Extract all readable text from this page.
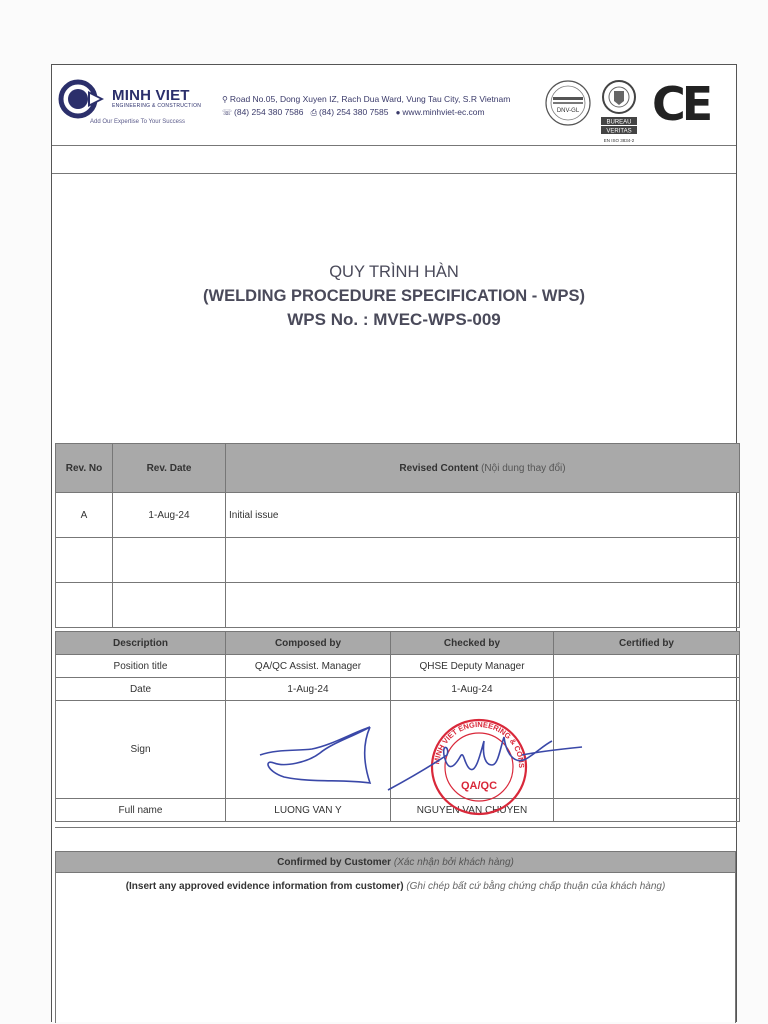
MINH VIET
ENGINEERING & CONSTRUCTION
Add Our Expertise To Your Success
⚲ Road No.05, Dong Xuyen IZ, Rach Dua Ward, Vung Tau City, S.R Vietnam
☏ (84) 254 380 7586 ⎙ (84) 254 380 7585 ● www.minhviet-ec.com	DNV-GL
BUREAU
VERITAS
EN ISO 3834-2
CE
QUY TRÌNH HÀN
(WELDING PROCEDURE SPECIFICATION - WPS)
WPS No. : MVEC-WPS-009
Rev. No	Rev. Date	Revised Content (Nội dung thay đổi)
A	1-Aug-24	Initial issue

Description	Composed by	Checked by	Certified by
Position title	QA/QC Assist. Manager	QHSE Deputy Manager	
Date	1-Aug-24	1-Aug-24	
Sign			
Full name	LUONG VAN Y	NGUYEN VAN CHUYEN	
MINH VIET ENGINEERING & CONSTRUCTION JSC
QA/QC
Confirmed by Customer (Xác nhận bởi khách hàng)
(Insert any approved evidence information from customer) (Ghi chép bất cứ bằng chứng chấp thuận của khách hàng)
